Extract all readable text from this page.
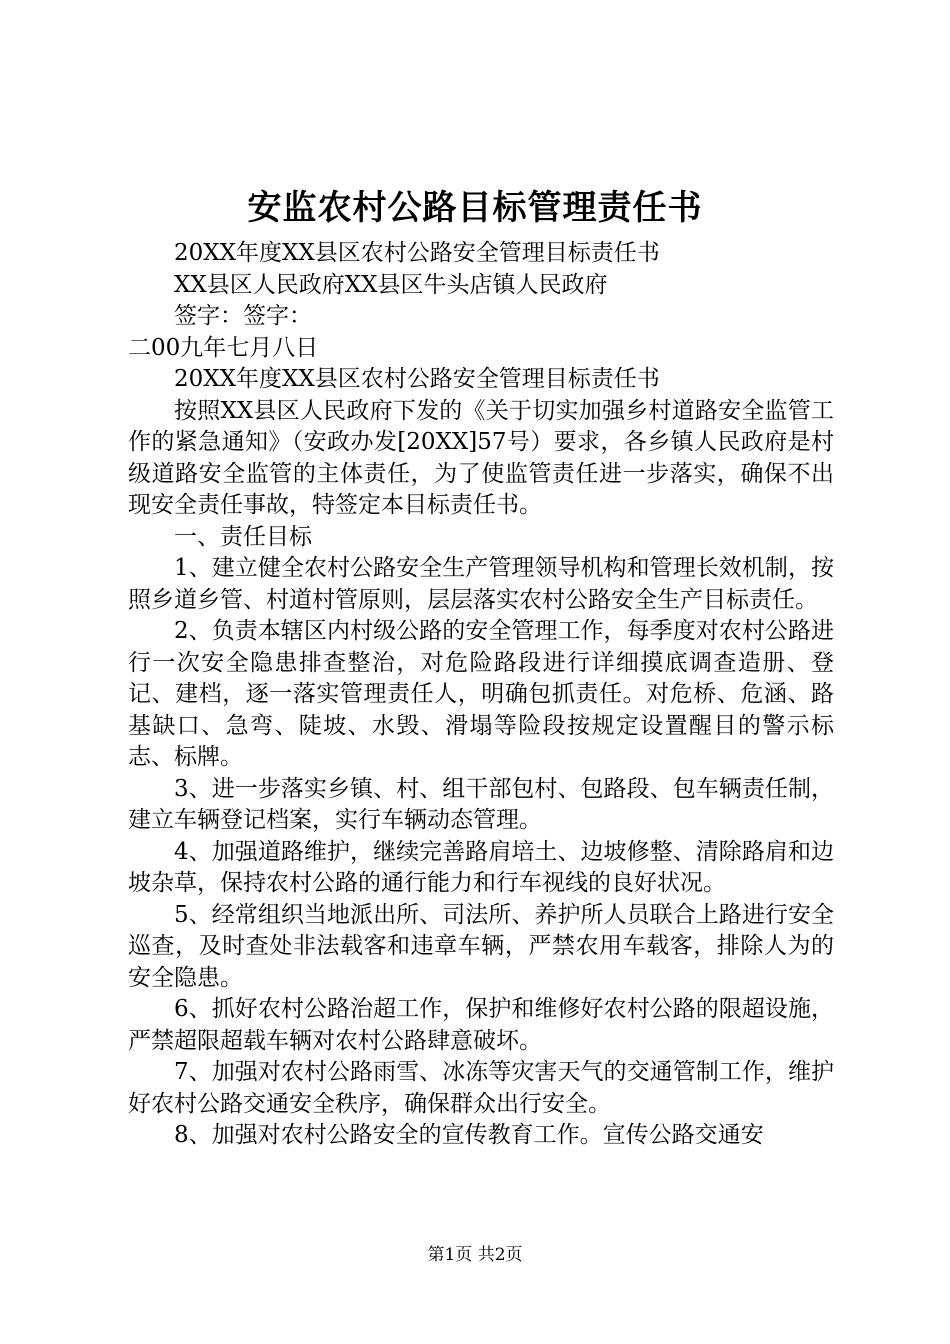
安监农村公路目标管理责任书

20XX年度XX县区农村公路安全管理目标责任书

XX县区人民政府XX县区牛头店镇人民政府

签字：签字：

二00九年七月八日

20XX年度XX县区农村公路安全管理目标责任书

按照XX县区人民政府下发的《关于切实加强乡村道路安全监管工作的紧急通知》（安政办发[20XX]57号）要求，各乡镇人民政府是村级道路安全监管的主体责任，为了使监管责任进一步落实，确保不出现安全责任事故，特签定本目标责任书。

一、责任目标

1、建立健全农村公路安全生产管理领导机构和管理长效机制，按照乡道乡管、村道村管原则，层层落实农村公路安全生产目标责任。

2、负责本辖区内村级公路的安全管理工作，每季度对农村公路进行一次安全隐患排查整治，对危险路段进行详细摸底调查造册、登记、建档，逐一落实管理责任人，明确包抓责任。对危桥、危涵、路基缺口、急弯、陡坡、水毁、滑塌等险段按规定设置醒目的警示标志、标牌。

3、进一步落实乡镇、村、组干部包村、包路段、包车辆责任制，建立车辆登记档案，实行车辆动态管理。

4、加强道路维护，继续完善路肩培土、边坡修整、清除路肩和边坡杂草，保持农村公路的通行能力和行车视线的良好状况。

5、经常组织当地派出所、司法所、养护所人员联合上路进行安全巡查，及时查处非法载客和违章车辆，严禁农用车载客，排除人为的安全隐患。

6、抓好农村公路治超工作，保护和维修好农村公路的限超设施，严禁超限超载车辆对农村公路肆意破坏。

7、加强对农村公路雨雪、冰冻等灾害天气的交通管制工作，维护好农村公路交通安全秩序，确保群众出行安全。

8、加强对农村公路安全的宣传教育工作。宣传公路交通安

第1页 共2页
